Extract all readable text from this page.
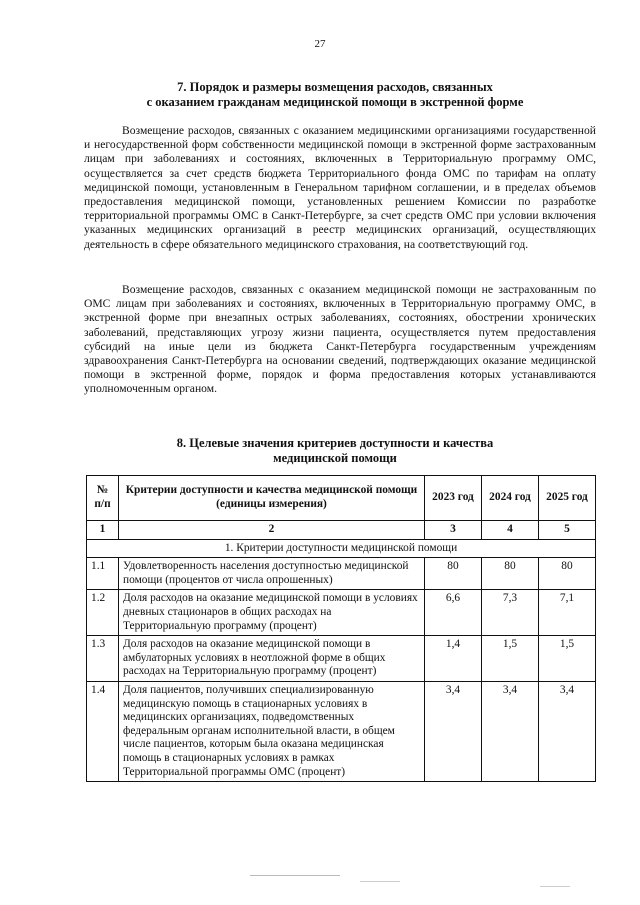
27
7. Порядок и размеры возмещения расходов, связанных
с оказанием гражданам медицинской помощи в экстренной форме

Возмещение расходов, связанных с оказанием медицинскими организациями государственной и негосударственной форм собственности медицинской помощи в экстренной форме застрахованным лицам при заболеваниях и состояниях, включенных в Территориальную программу ОМС, осуществляется за счет средств бюджета Территориального фонда ОМС по тарифам на оплату медицинской помощи, установленным в Генеральном тарифном соглашении, и в пределах объемов предоставления медицинской помощи, установленных решением Комиссии по разработке территориальной программы ОМС в Санкт-Петербурге, за счет средств ОМС при условии включения указанных медицинских организаций в реестр медицинских организаций, осуществляющих деятельность в сфере обязательного медицинского страхования, на соответствующий год.

Возмещение расходов, связанных с оказанием медицинской помощи не застрахованным по ОМС лицам при заболеваниях и состояниях, включенных в Территориальную программу ОМС, в экстренной форме при внезапных острых заболеваниях, состояниях, обострении хронических заболеваний, представляющих угрозу жизни пациента, осуществляется путем предоставления субсидий на иные цели из бюджета Санкт-Петербурга государственным учреждениям здравоохранения Санкт-Петербурга на основании сведений, подтверждающих оказание медицинской помощи в экстренной форме, порядок и форма предоставления которых устанавливаются уполномоченным органом.

8. Целевые значения критериев доступности и качества
медицинской помощи
№ п/п	Критерии доступности и качества медицинской помощи (единицы измерения)	2023 год	2024 год	2025 год
1	2	3	4	5
1. Критерии доступности медицинской помощи				
1.1	Удовлетворенность населения доступностью медицинской помощи (процентов от числа опрошенных)	80	80	80
1.2	Доля расходов на оказание медицинской помощи в условиях дневных стационаров в общих расходах на Территориальную программу (процент)	6,6	7,3	7,1
1.3	Доля расходов на оказание медицинской помощи в амбулаторных условиях в неотложной форме в общих расходах на Территориальную программу (процент)	1,4	1,5	1,5
1.4	Доля пациентов, получивших специализированную медицинскую помощь в стационарных условиях в медицинских организациях, подведомственных федеральным органам исполнительной власти, в общем числе пациентов, которым была оказана медицинская помощь в стационарных условиях в рамках Территориальной программы ОМС (процент)	3,4	3,4	3,4
